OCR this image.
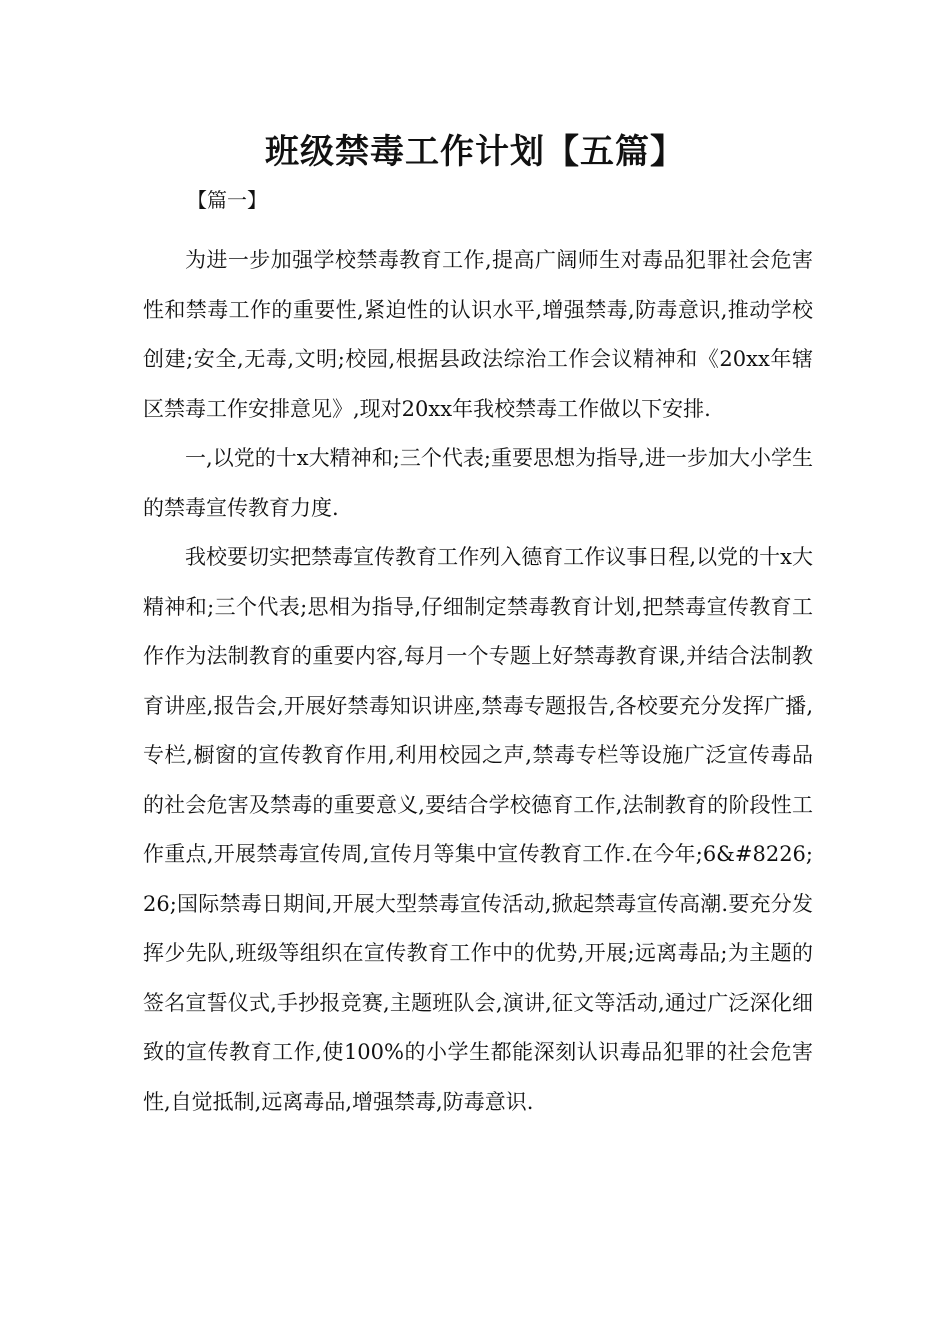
班级禁毒工作计划【五篇】
【篇一】

为进一步加强学校禁毒教育工作,提高广阔师生对毒品犯罪社会危害性和禁毒工作的重要性,紧迫性的认识水平,增强禁毒,防毒意识,推动学校创建;安全,无毒,文明;校园,根据县政法综治工作会议精神和《20xx年辖区禁毒工作安排意见》,现对20xx年我校禁毒工作做以下安排.

一,以党的十x大精神和;三个代表;重要思想为指导,进一步加大小学生的禁毒宣传教育力度.

我校要切实把禁毒宣传教育工作列入德育工作议事日程,以党的十x大精神和;三个代表;思相为指导,仔细制定禁毒教育计划,把禁毒宣传教育工作作为法制教育的重要内容,每月一个专题上好禁毒教育课,并结合法制教育讲座,报告会,开展好禁毒知识讲座,禁毒专题报告,各校要充分发挥广播,专栏,橱窗的宣传教育作用,利用校园之声,禁毒专栏等设施广泛宣传毒品的社会危害及禁毒的重要意义,要结合学校德育工作,法制教育的阶段性工作重点,开展禁毒宣传周,宣传月等集中宣传教育工作.在今年;6&#8226;26;国际禁毒日期间,开展大型禁毒宣传活动,掀起禁毒宣传高潮.要充分发挥少先队,班级等组织在宣传教育工作中的优势,开展;远离毒品;为主题的签名宣誓仪式,手抄报竞赛,主题班队会,演讲,征文等活动,通过广泛深化细致的宣传教育工作,使100%的小学生都能深刻认识毒品犯罪的社会危害性,自觉抵制,远离毒品,增强禁毒,防毒意识.
